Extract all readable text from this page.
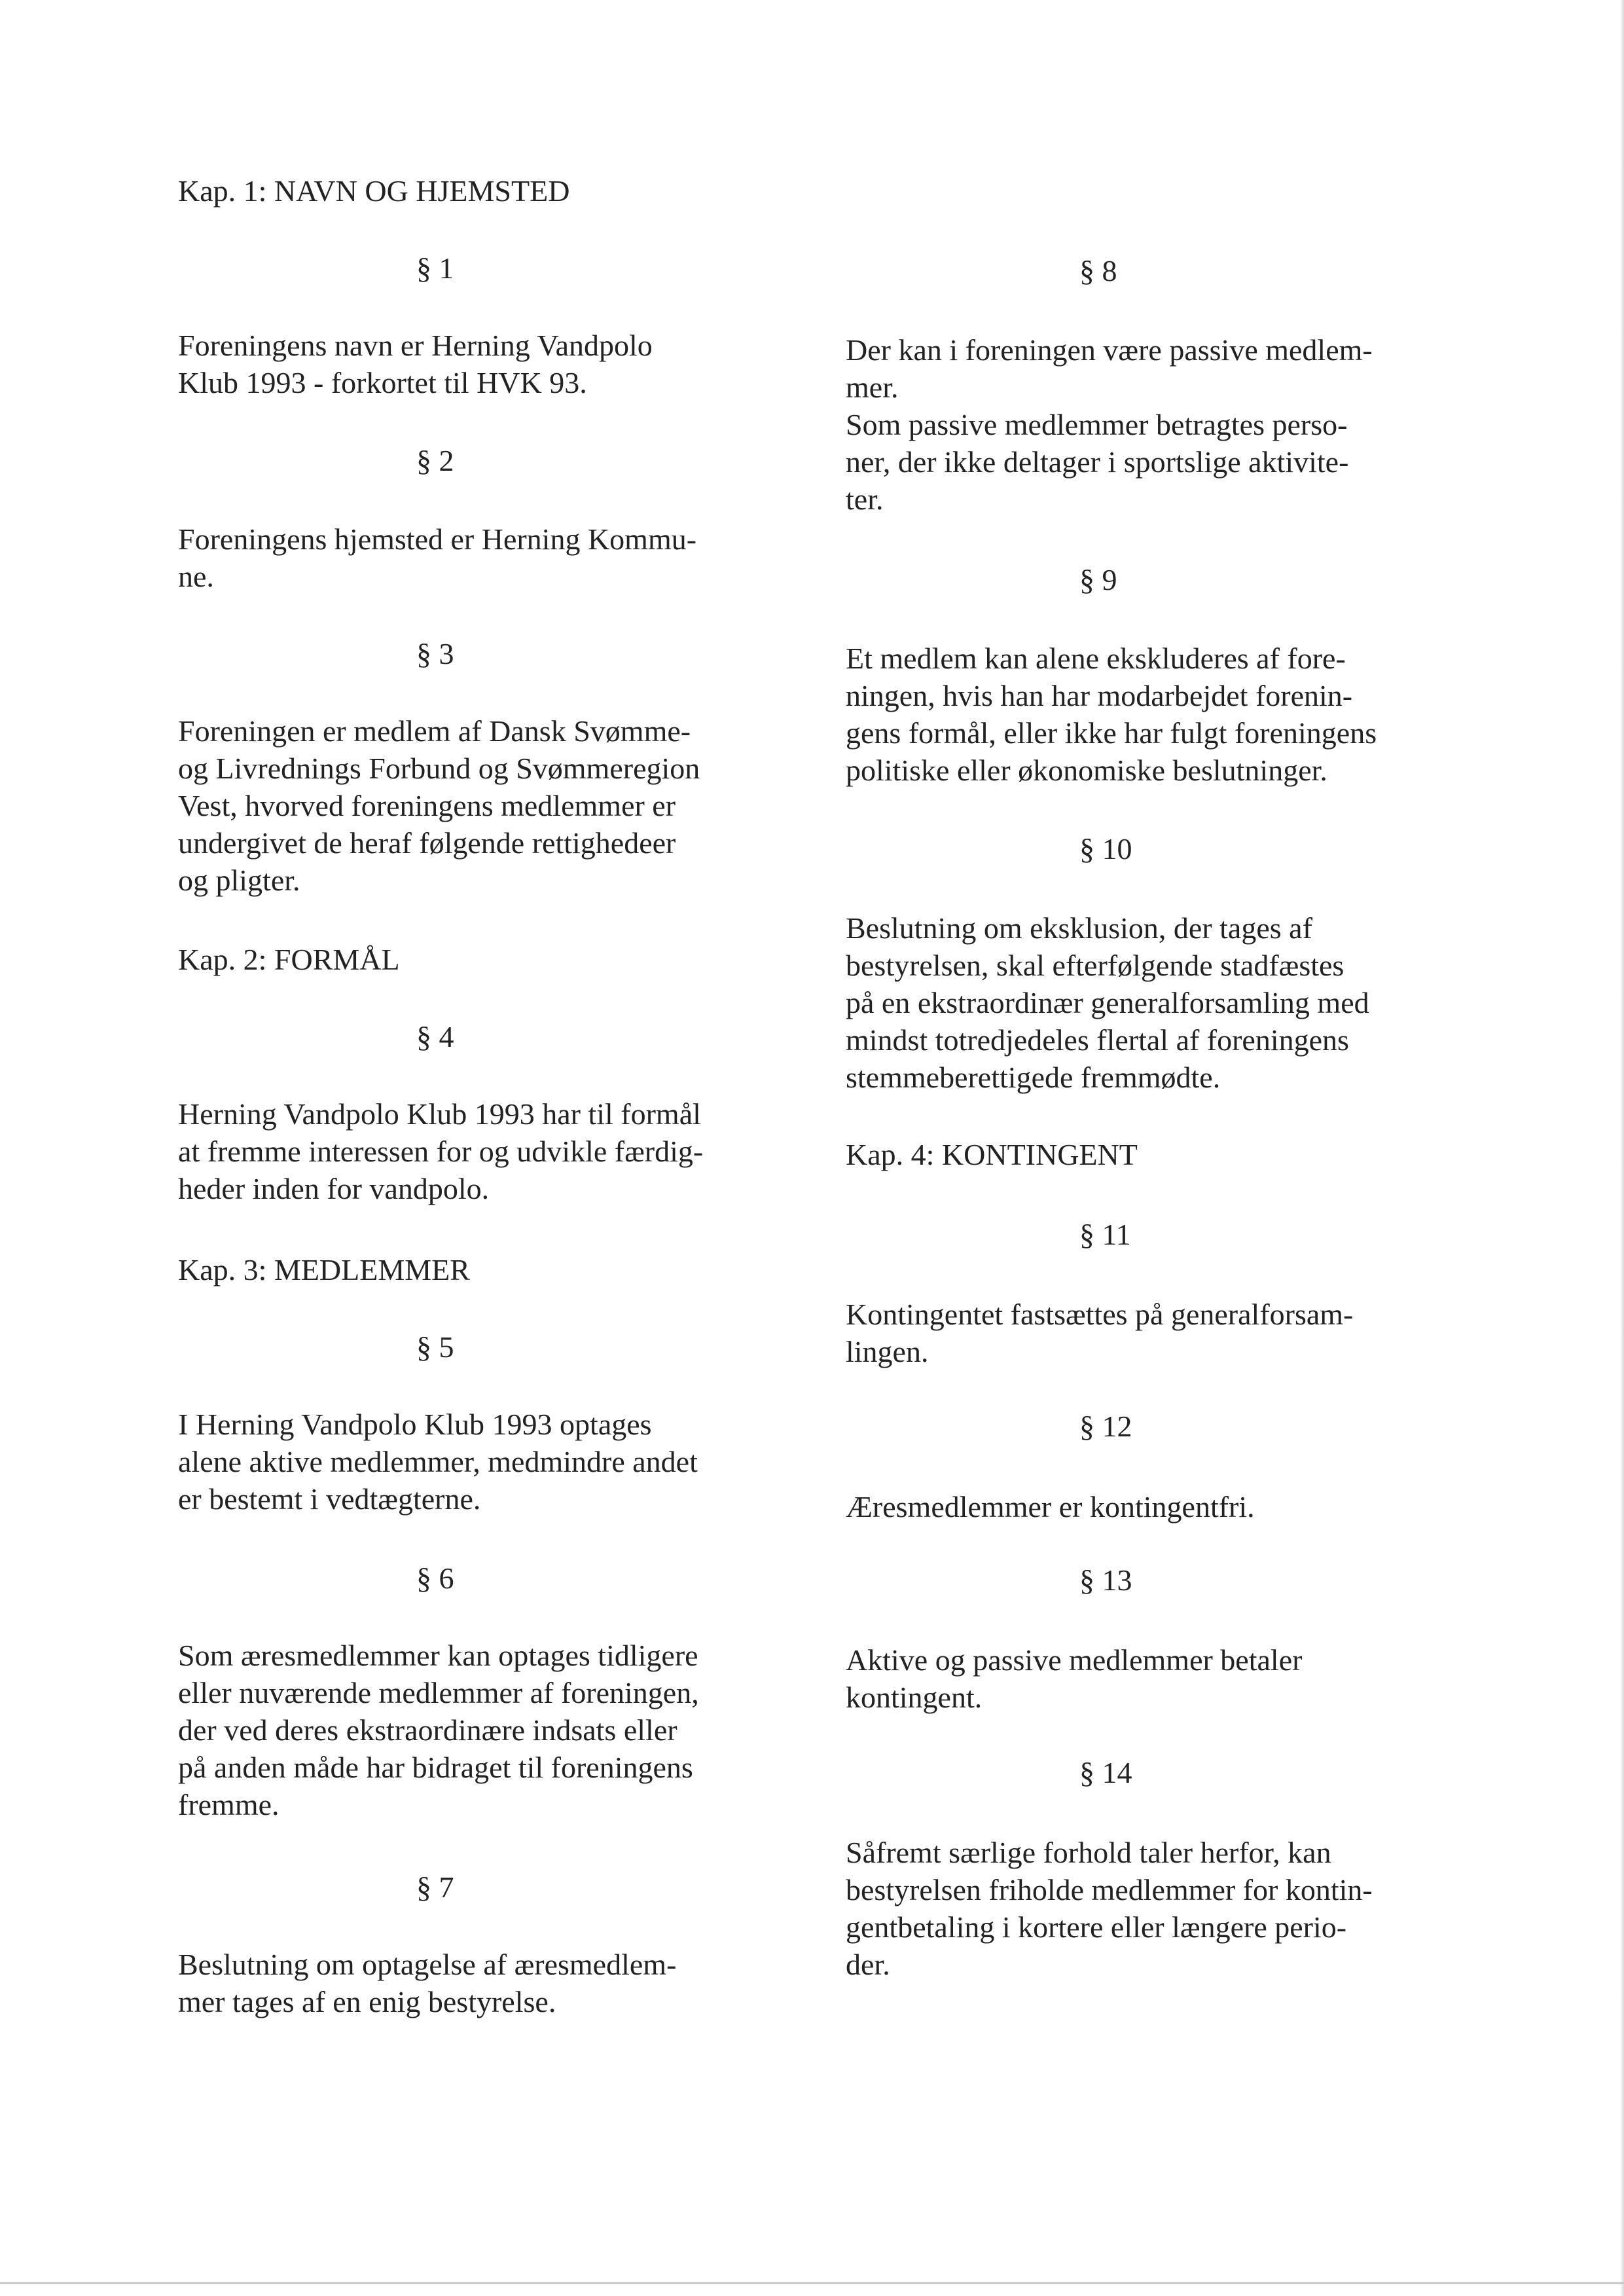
Kap. 1: NAVN OG HJEMSTED
§ 1
Foreningens navn er Herning Vandpolo
Klub 1993 - forkortet til HVK 93.
§ 2
Foreningens hjemsted er Herning Kommu-
ne.
§ 3
Foreningen er medlem af Dansk Svømme-
og Livrednings Forbund og Svømmeregion
Vest, hvorved foreningens medlemmer er
undergivet de heraf følgende rettighedeer
og pligter.
Kap. 2: FORMÅL
§ 4
Herning Vandpolo Klub 1993 har til formål
at fremme interessen for og udvikle færdig-
heder inden for vandpolo.
Kap. 3: MEDLEMMER
§ 5
I Herning Vandpolo Klub 1993 optages
alene aktive medlemmer, medmindre andet
er bestemt i vedtægterne.
§ 6
Som æresmedlemmer kan optages tidligere
eller nuværende medlemmer af foreningen,
der ved deres ekstraordinære indsats eller
på anden måde har bidraget til foreningens
fremme.
§ 7
Beslutning om optagelse af æresmedlem-
mer tages af en enig bestyrelse.
§ 8
Der kan i foreningen være passive medlem-
mer.
Som passive medlemmer betragtes perso-
ner, der ikke deltager i sportslige aktivite-
ter.
§ 9
Et medlem kan alene ekskluderes af fore-
ningen, hvis han har modarbejdet forenin-
gens formål, eller ikke har fulgt foreningens
politiske eller økonomiske beslutninger.
§ 10
Beslutning om eksklusion, der tages af
bestyrelsen, skal efterfølgende stadfæstes
på en ekstraordinær generalforsamling med
mindst totredjedeles flertal af foreningens
stemmeberettigede fremmødte.
Kap. 4: KONTINGENT
§ 11
Kontingentet fastsættes på generalforsam-
lingen.
§ 12
Æresmedlemmer er kontingentfri.
§ 13
Aktive og passive medlemmer betaler
kontingent.
§ 14
Såfremt særlige forhold taler herfor, kan
bestyrelsen friholde medlemmer for kontin-
gentbetaling i kortere eller længere perio-
der.
